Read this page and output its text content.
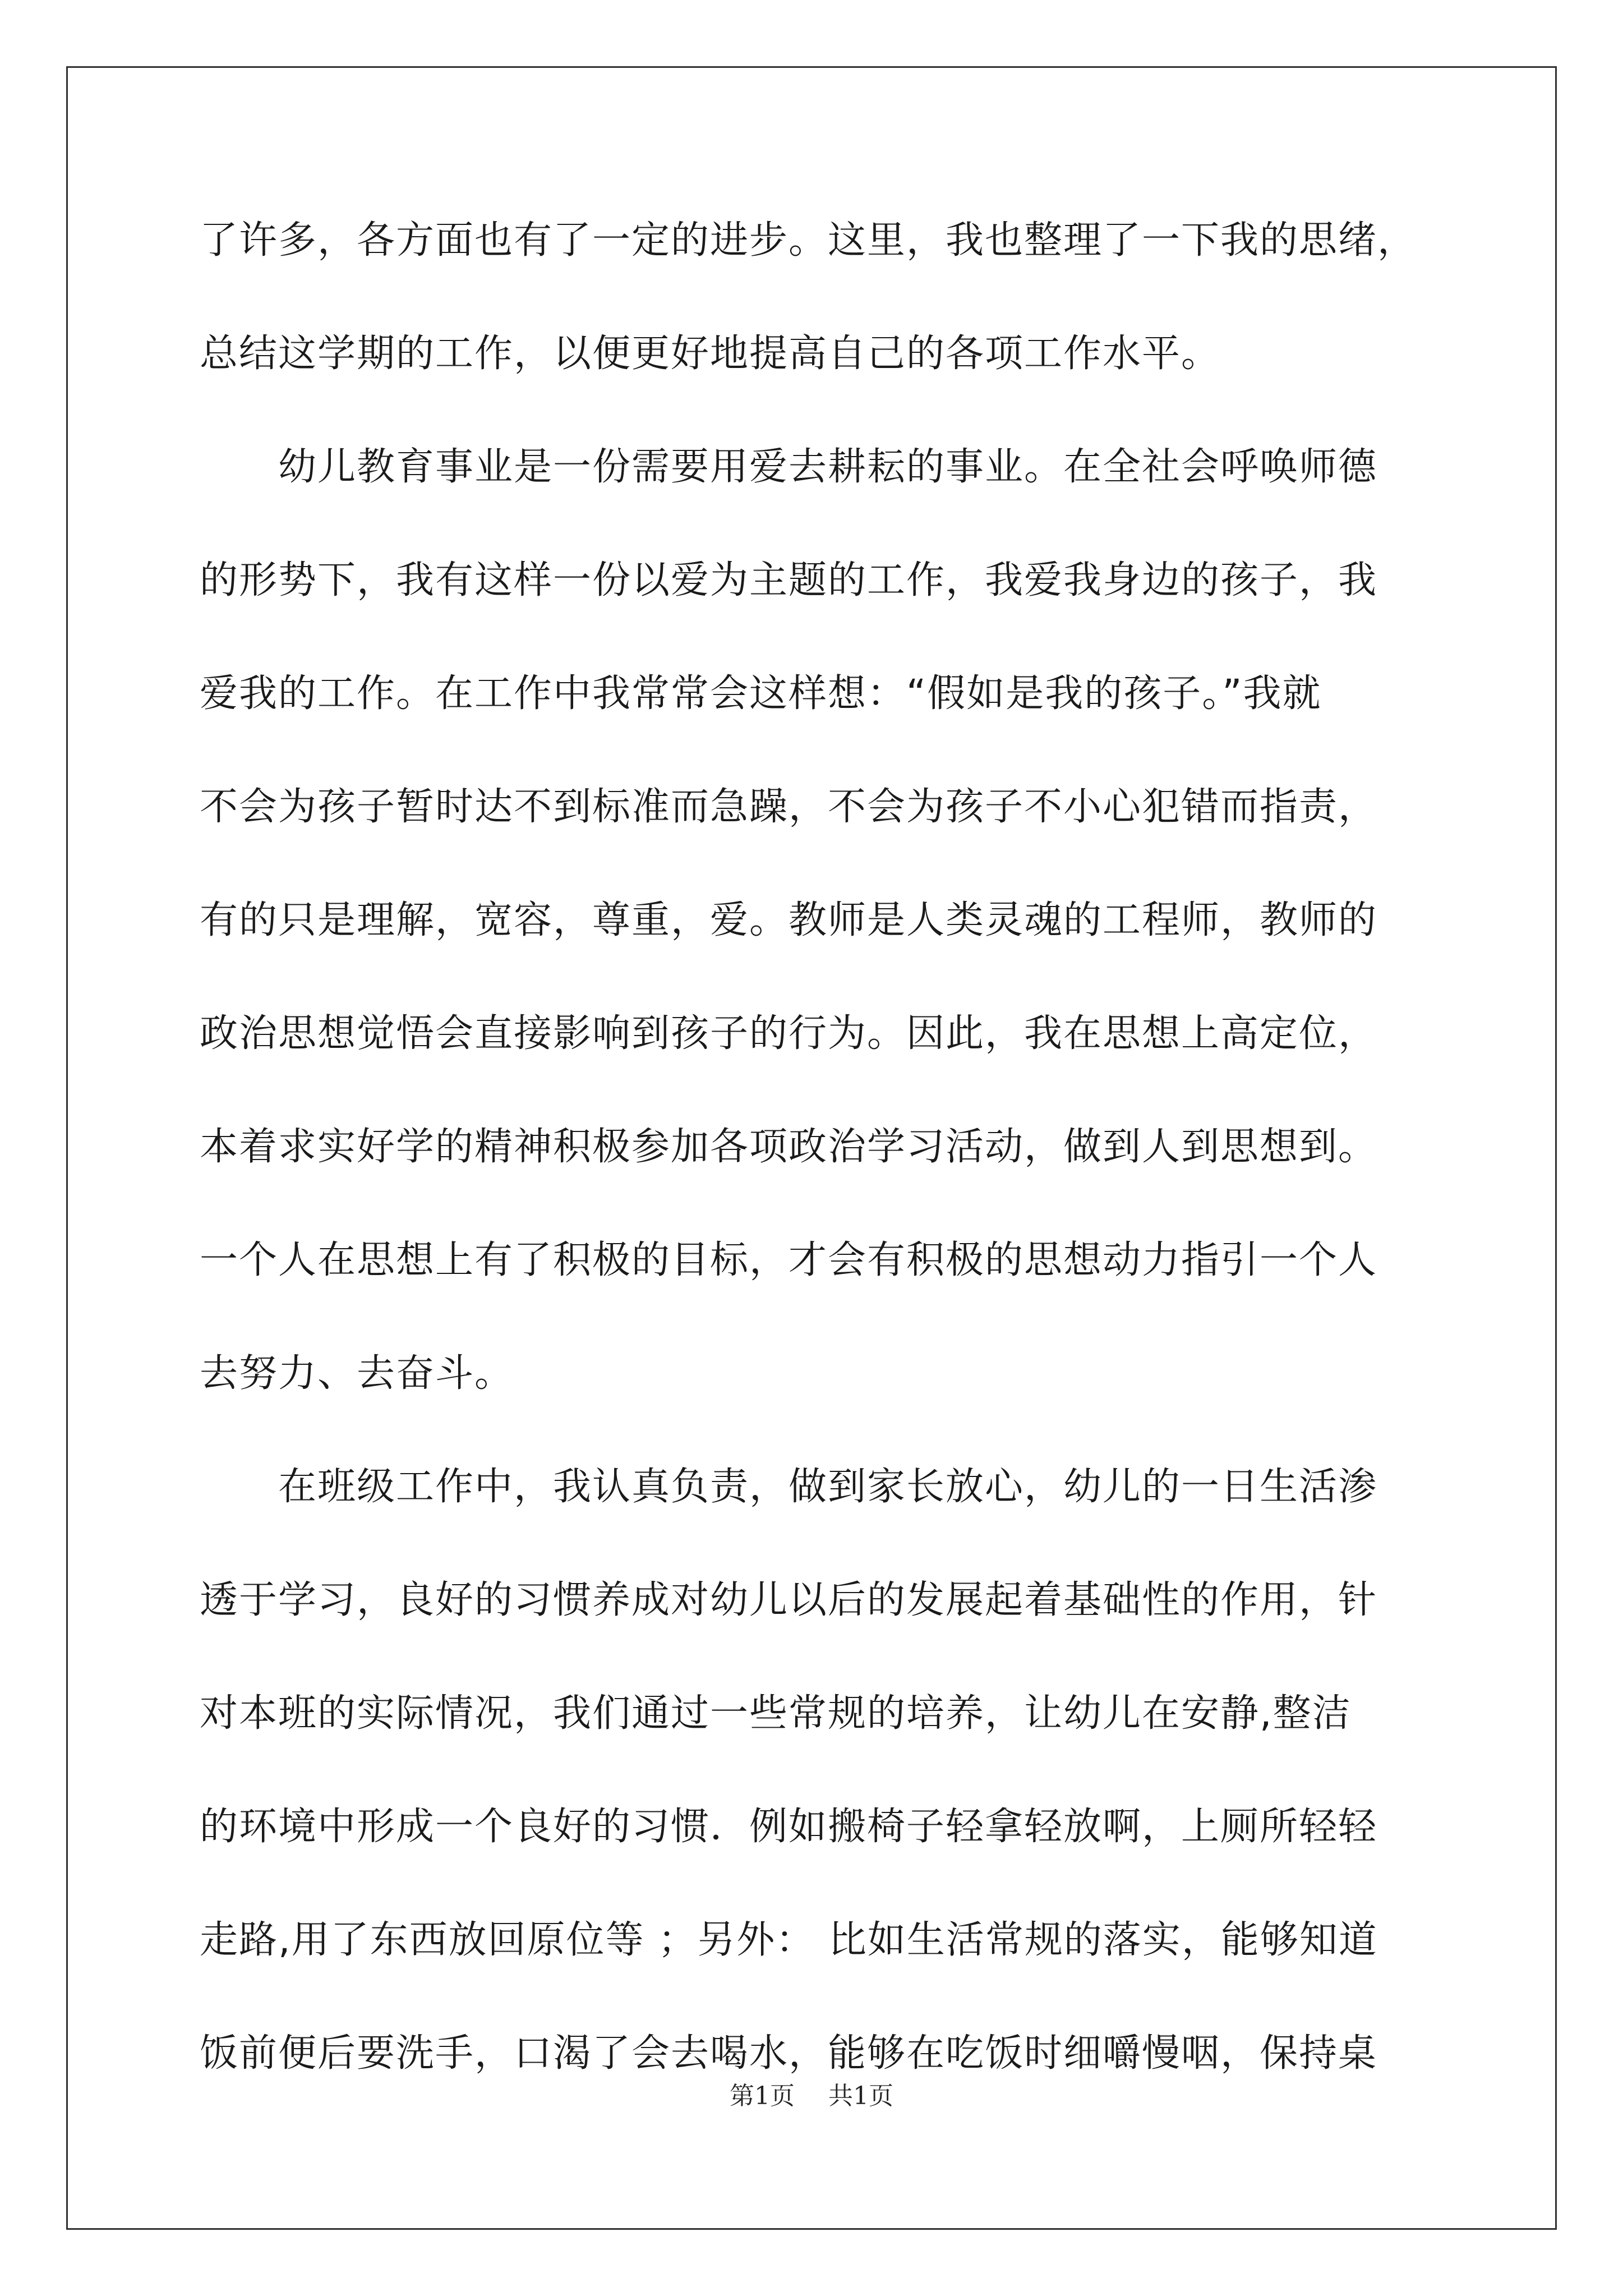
了许多，各方面也有了一定的进步。这里，我也整理了一下我的思绪，
总结这学期的工作，以便更好地提高自己的各项工作水平。
　　幼儿教育事业是一份需要用爱去耕耘的事业。在全社会呼唤师德
的形势下，我有这样一份以爱为主题的工作，我爱我身边的孩子，我
爱我的工作。在工作中我常常会这样想：“假如是我的孩子。”我就
不会为孩子暂时达不到标准而急躁，不会为孩子不小心犯错而指责，
有的只是理解，宽容，尊重，爱。教师是人类灵魂的工程师，教师的
政治思想觉悟会直接影响到孩子的行为。因此，我在思想上高定位，
本着求实好学的精神积极参加各项政治学习活动，做到人到思想到。
一个人在思想上有了积极的目标，才会有积极的思想动力指引一个人
去努力、去奋斗。
　　在班级工作中，我认真负责，做到家长放心，幼儿的一日生活渗
透于学习，良好的习惯养成对幼儿以后的发展起着基础性的作用，针
对本班的实际情况，我们通过一些常规的培养，让幼儿在安静,整洁
的环境中形成一个良好的习惯．例如搬椅子轻拿轻放啊，上厕所轻轻
走路,用了东西放回原位等 ；另外： 比如生活常规的落实，能够知道
饭前便后要洗手，口渴了会去喝水，能够在吃饭时细嚼慢咽，保持桌
第1页 共1页
